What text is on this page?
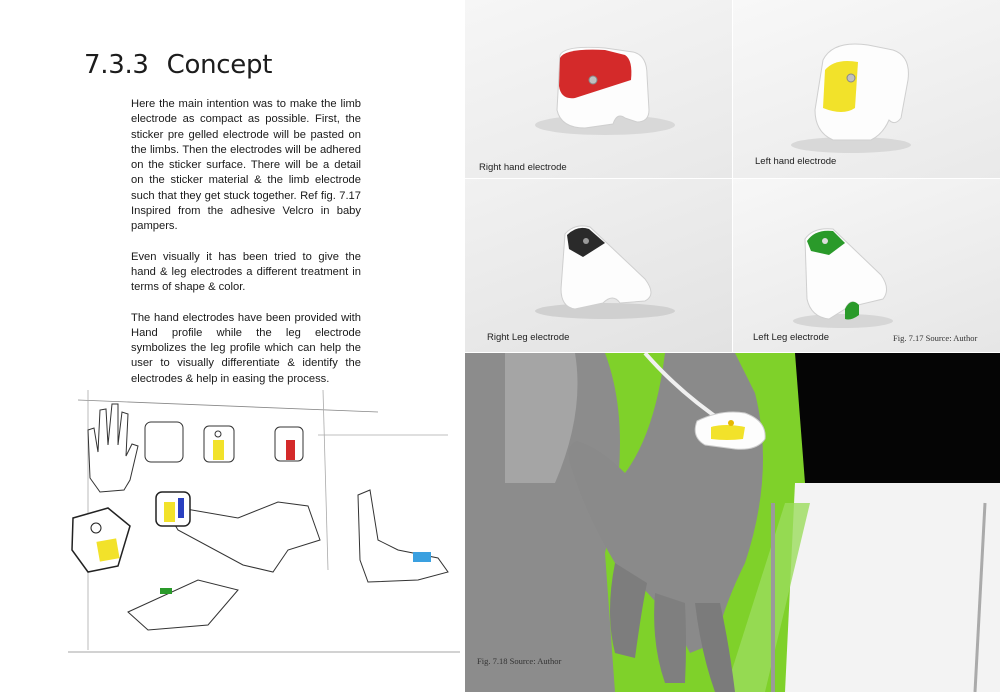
7.3.3 Concept

Here the main intention was to make the limb electrode as compact as possible. First, the sticker pre gelled electrode will be pasted on the limbs. Then the electrodes will be adhered on the sticker surface. There will be a detail on the sticker material & the limb electrode such that they get stuck together. Ref fig. 7.17 Inspired from the adhesive Velcro in baby pampers.

Even visually it has been tried to give the hand & leg electrodes a different treatment in terms of shape & color.

The hand electrodes have been provided with Hand profile while the leg electrode symbolizes the leg profile which can help the user to visually differentiate & identify the electrodes & help in easing the process.

Right hand electrode
Left hand electrode
Right Leg electrode	Left Leg electrode	Fig. 7.17 Source: Author
Fig. 7.18 Source: Author
